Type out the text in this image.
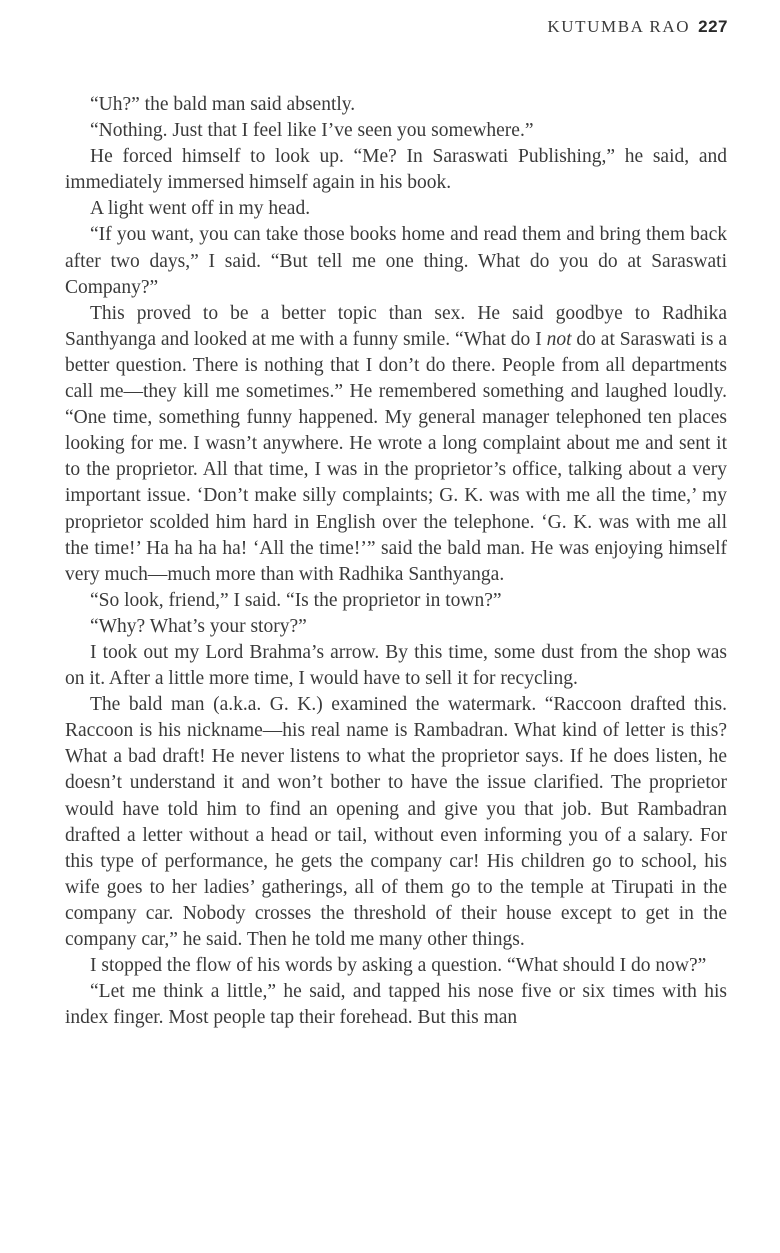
KUTUMBA RAO 227

“Uh?” the bald man said absently.

“Nothing. Just that I feel like I’ve seen you somewhere.”

He forced himself to look up. “Me? In Saraswati Publishing,” he said, and immediately immersed himself again in his book.

A light went off in my head.

“If you want, you can take those books home and read them and bring them back after two days,” I said. “But tell me one thing. What do you do at Saraswati Company?”

This proved to be a better topic than sex. He said goodbye to Radhika Santhyanga and looked at me with a funny smile. “What do I not do at Saraswati is a better question. There is nothing that I don’t do there. People from all departments call me—they kill me sometimes.” He remembered something and laughed loudly. “One time, something funny happened. My general manager telephoned ten places looking for me. I wasn’t anywhere. He wrote a long complaint about me and sent it to the proprietor. All that time, I was in the proprietor’s office, talking about a very important issue. ‘Don’t make silly complaints; G. K. was with me all the time,’ my proprietor scolded him hard in English over the telephone. ‘G. K. was with me all the time!’ Ha ha ha ha! ‘All the time!’” said the bald man. He was enjoying himself very much—much more than with Radhika Santhyanga.

“So look, friend,” I said. “Is the proprietor in town?”

“Why? What’s your story?”

I took out my Lord Brahma’s arrow. By this time, some dust from the shop was on it. After a little more time, I would have to sell it for recycling.

The bald man (a.k.a. G. K.) examined the watermark. “Raccoon drafted this. Raccoon is his nickname—his real name is Rambadran. What kind of letter is this? What a bad draft! He never listens to what the proprietor says. If he does listen, he doesn’t understand it and won’t bother to have the issue clarified. The proprietor would have told him to find an opening and give you that job. But Rambadran drafted a letter without a head or tail, without even informing you of a salary. For this type of performance, he gets the company car! His children go to school, his wife goes to her ladies’ gatherings, all of them go to the temple at Tirupati in the company car. Nobody crosses the threshold of their house except to get in the company car,” he said. Then he told me many other things.

I stopped the flow of his words by asking a question. “What should I do now?”

“Let me think a little,” he said, and tapped his nose five or six times with his index finger. Most people tap their forehead. But this man
